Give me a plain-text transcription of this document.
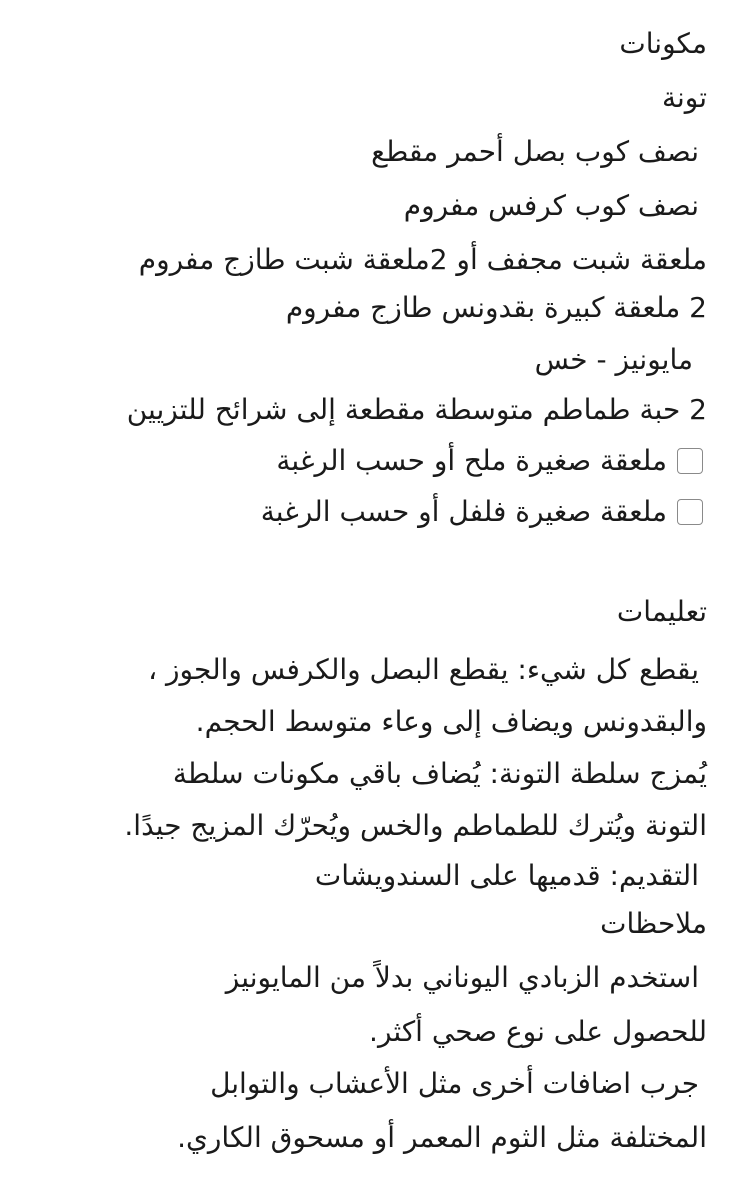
مكونات
تونة
نصف كوب بصل أحمر مقطع
نصف كوب كرفس مفروم
ملعقة شبت مجفف أو 2ملعقة شبت طازج مفروم
2 ملعقة كبيرة بقدونس طازج مفروم
مايونيز - خس
2 حبة طماطم متوسطة مقطعة إلى شرائح للتزيين
ملعقة صغيرة ملح أو حسب الرغبة
ملعقة صغيرة فلفل أو حسب الرغبة
تعليمات
يقطع كل شيء: يقطع البصل والكرفس والجوز ،
والبقدونس ويضاف إلى وعاء متوسط الحجم.
يُمزج سلطة التونة: يُضاف باقي مكونات سلطة
التونة ويُترك للطماطم والخس ويُحرّك المزيج جيدًا.
التقديم: قدميها على السندويشات
ملاحظات
استخدم الزبادي اليوناني بدلاً من المايونيز
للحصول على نوع صحي أكثر.
جرب اضافات أخرى مثل الأعشاب والتوابل
المختلفة مثل الثوم المعمر أو مسحوق الكاري.
